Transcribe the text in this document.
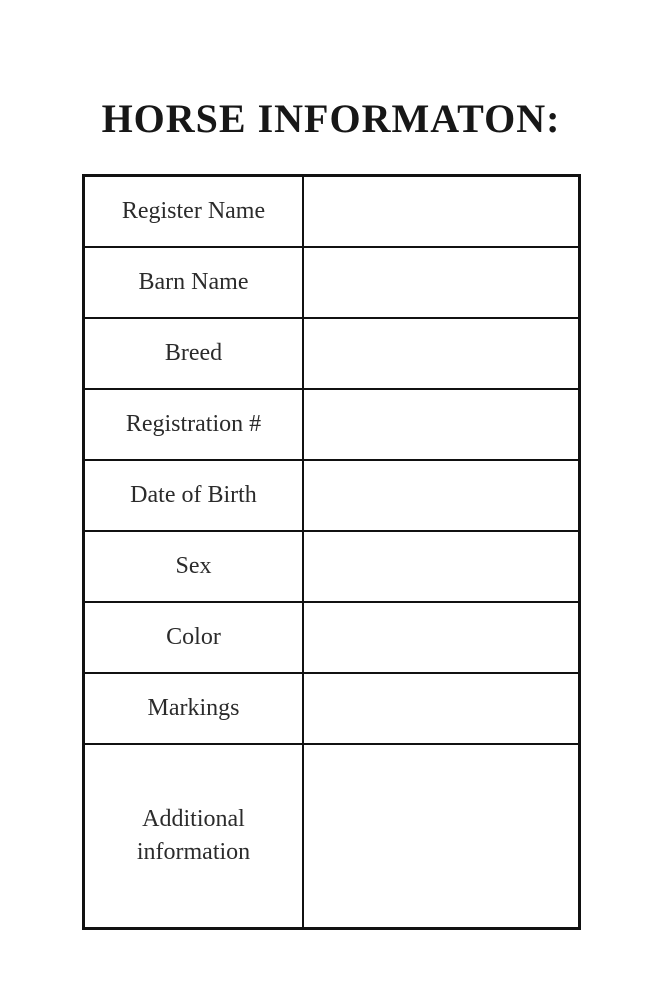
HORSE INFORMATON:
Register Name	
Barn Name	
Breed	
Registration #	
Date of Birth	
Sex	
Color	
Markings	
Additional information	
